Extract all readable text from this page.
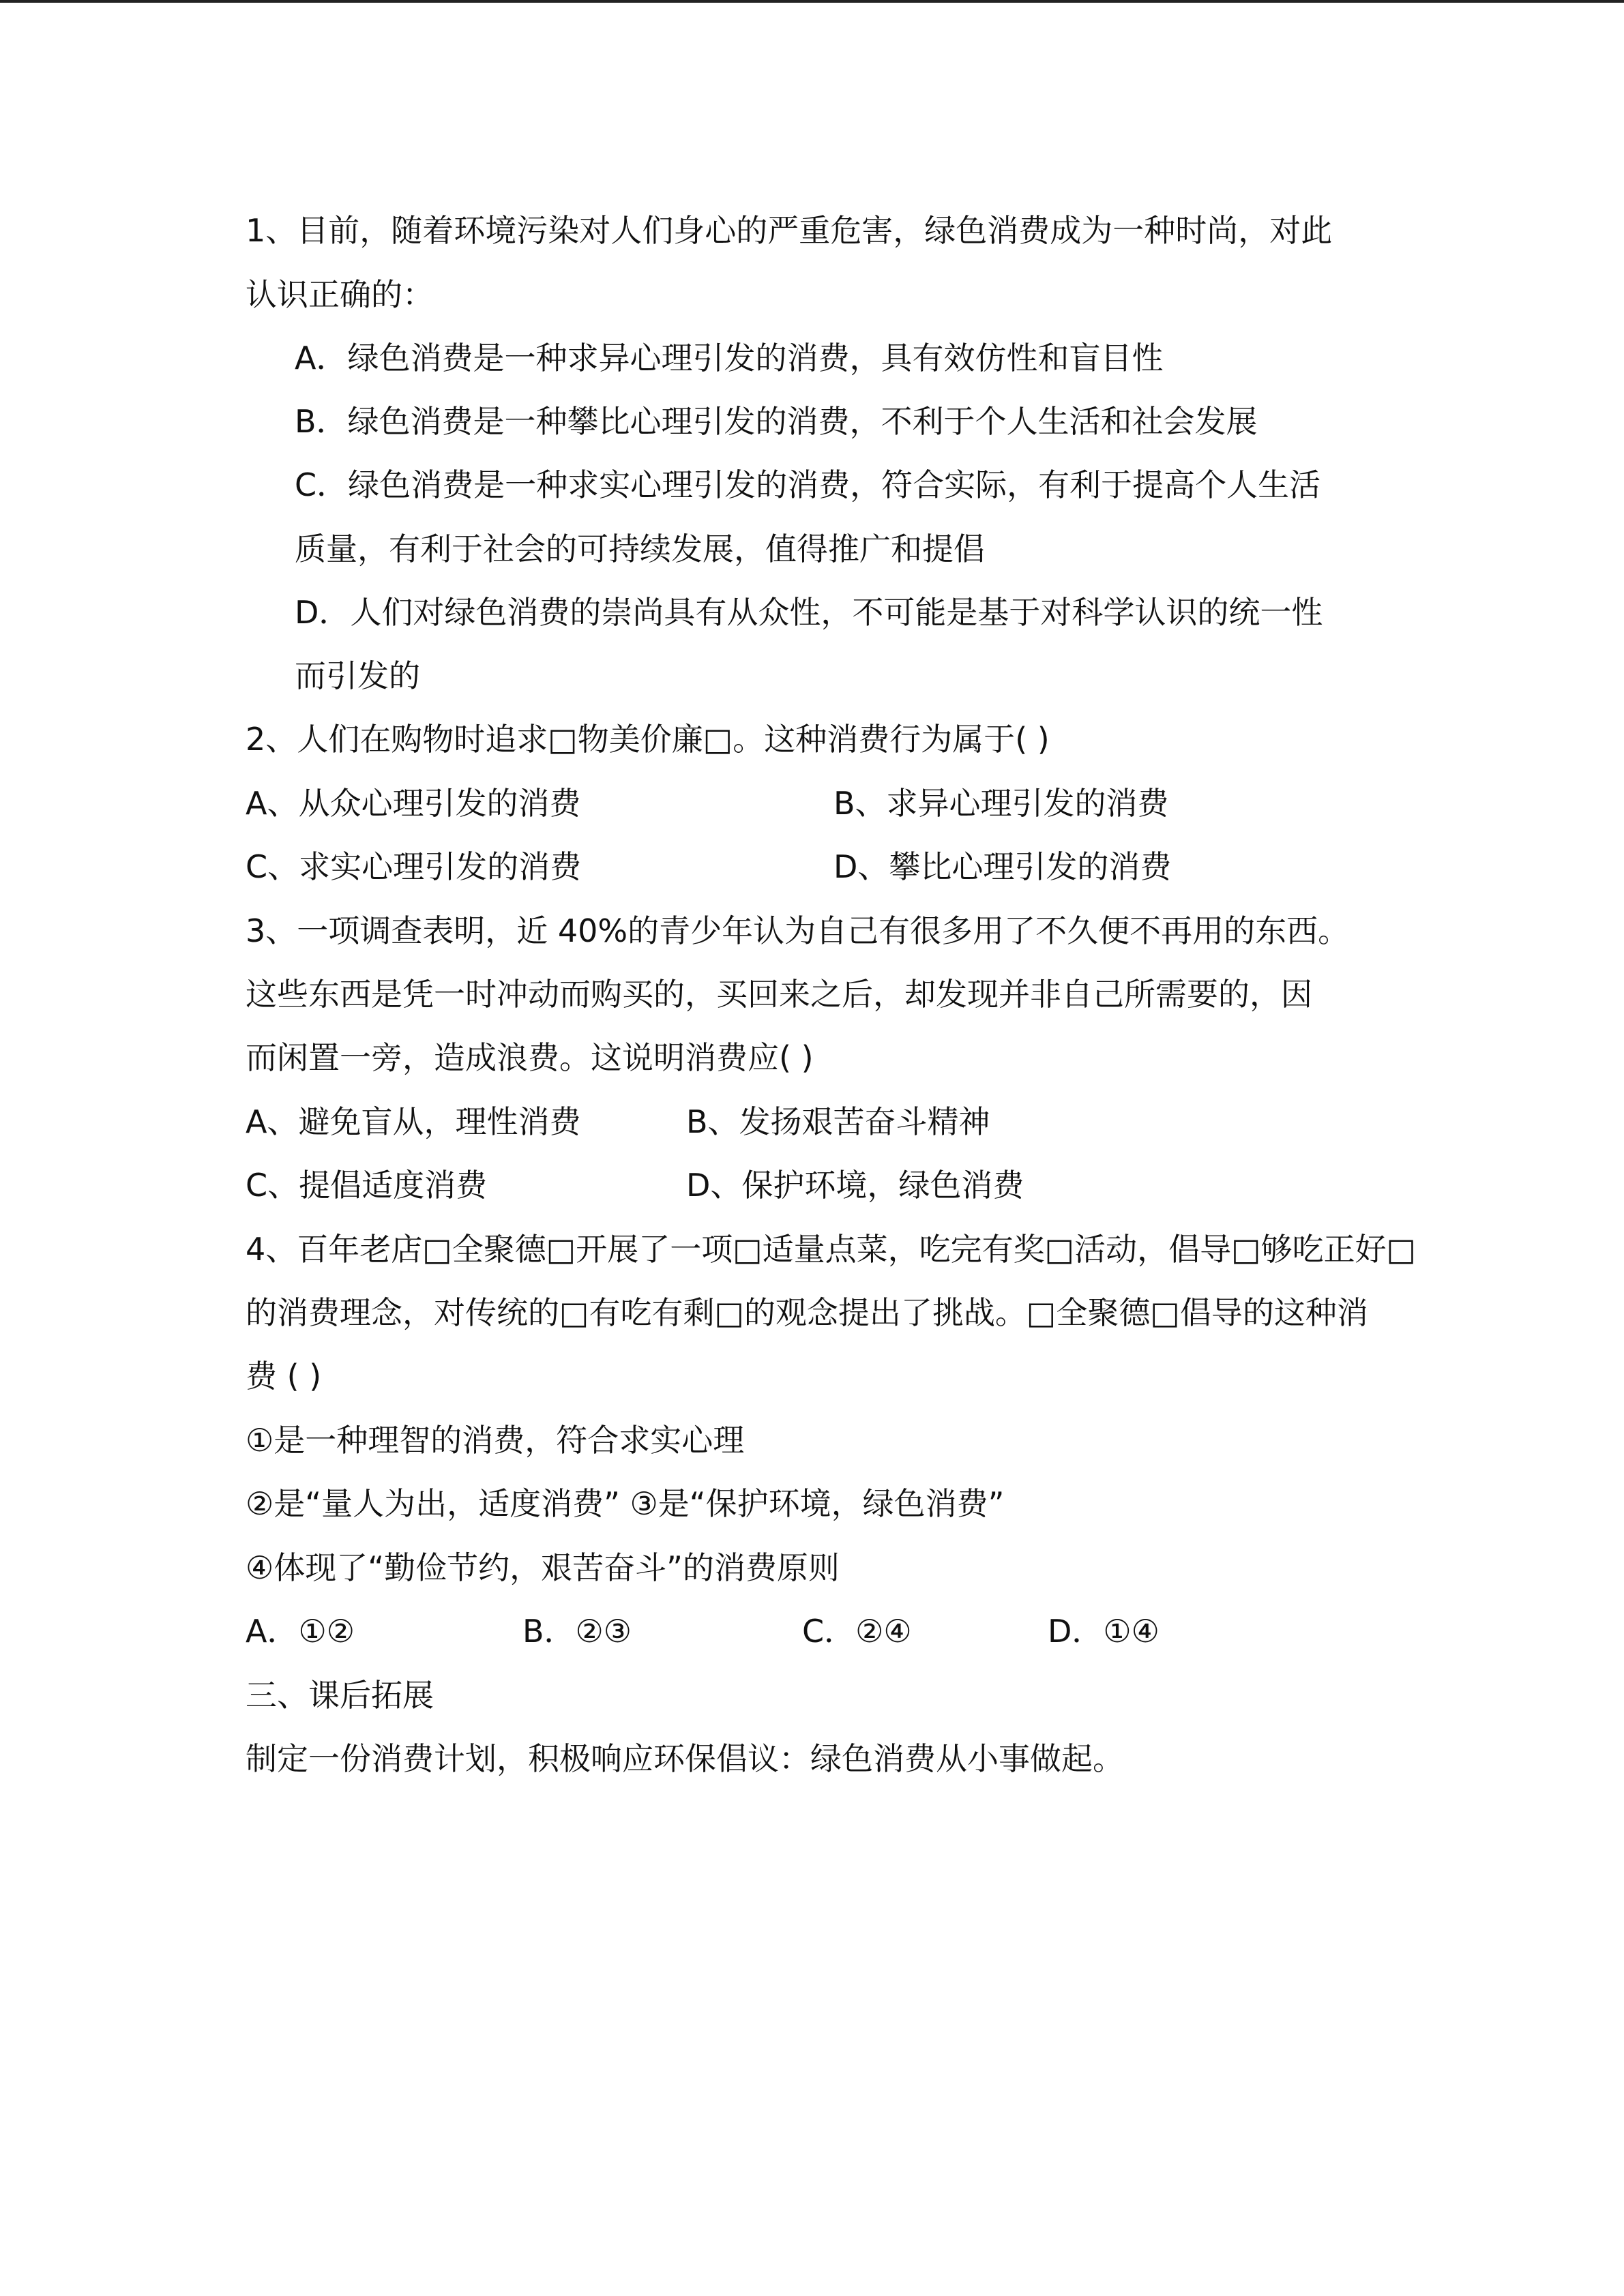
1、目前，随着环境污染对人们身心的严重危害，绿色消费成为一种时尚，对此
认识正确的：
A．绿色消费是一种求异心理引发的消费，具有效仿性和盲目性
B．绿色消费是一种攀比心理引发的消费，不利于个人生活和社会发展
C．绿色消费是一种求实心理引发的消费，符合实际，有利于提高个人生活
质量，有利于社会的可持续发展，值得推广和提倡
D．人们对绿色消费的崇尚具有从众性，不可能是基于对科学认识的统一性
而引发的
2、人们在购物时追求□物美价廉□。这种消费行为属于( )
A、从众心理引发的消费	B、求异心理引发的消费
C、求实心理引发的消费	D、攀比心理引发的消费
3、一项调查表明，近 40%的青少年认为自己有很多用了不久便不再用的东西。
这些东西是凭一时冲动而购买的，买回来之后，却发现并非自己所需要的，因
而闲置一旁，造成浪费。这说明消费应( )
A、避免盲从，理性消费	B、发扬艰苦奋斗精神
C、提倡适度消费	D、保护环境，绿色消费
4、百年老店□全聚德□开展了一项□适量点菜，吃完有奖□活动，倡导□够吃正好□
的消费理念，对传统的□有吃有剩□的观念提出了挑战。□全聚德□倡导的这种消
费 ( )
①是一种理智的消费，符合求实心理
②是“量人为出，适度消费” ③是“保护环境，绿色消费”
④体现了“勤俭节约，艰苦奋斗”的消费原则
A．①②	B．②③	C．②④	D．①④
三、课后拓展
制定一份消费计划，积极响应环保倡议：绿色消费从小事做起。
